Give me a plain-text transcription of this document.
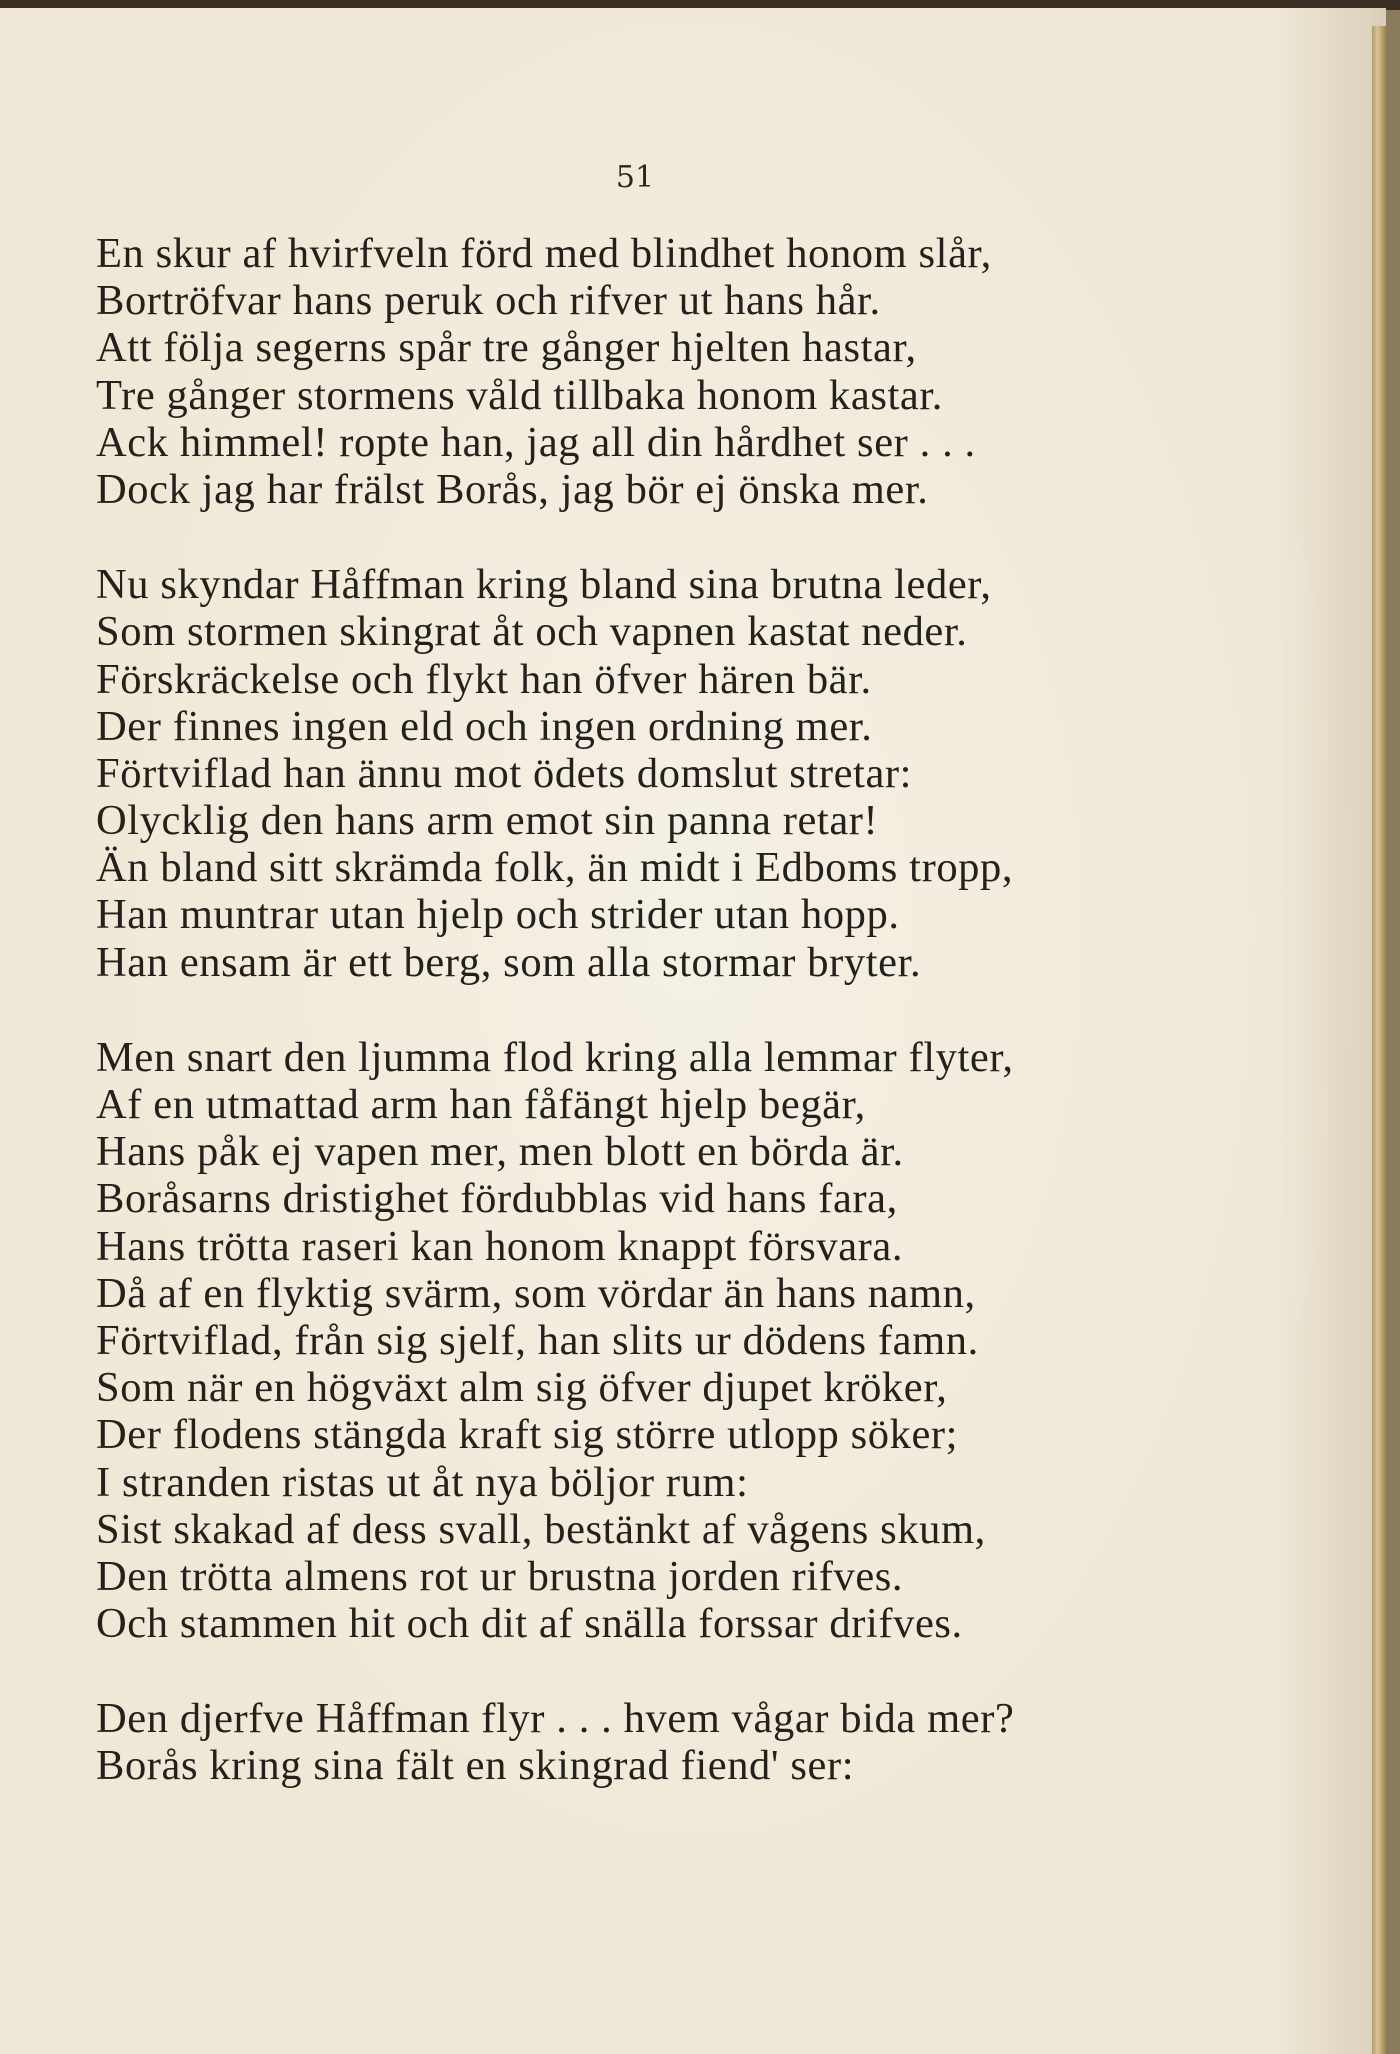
51
En skur af hvirfveln förd med blindhet honom slår,
Bortröfvar hans peruk och rifver ut hans hår.
Att följa segerns spår tre gånger hjelten hastar,
Tre gånger stormens våld tillbaka honom kastar.
Ack himmel! ropte han, jag all din hårdhet ser . . .
Dock jag har frälst Borås, jag bör ej önska mer.
Nu skyndar Håffman kring bland sina brutna leder,
Som stormen skingrat åt och vapnen kastat neder.
Förskräckelse och flykt han öfver hären bär.
Der finnes ingen eld och ingen ordning mer.
Förtviflad han ännu mot ödets domslut stretar:
Olycklig den hans arm emot sin panna retar!
Än bland sitt skrämda folk, än midt i Edboms tropp,
Han muntrar utan hjelp och strider utan hopp.
Han ensam är ett berg, som alla stormar bryter.
Men snart den ljumma flod kring alla lemmar flyter,
Af en utmattad arm han fåfängt hjelp begär,
Hans påk ej vapen mer, men blott en börda är.
Boråsarns dristighet fördubblas vid hans fara,
Hans trötta raseri kan honom knappt försvara.
Då af en flyktig svärm, som vördar än hans namn,
Förtviflad, från sig sjelf, han slits ur dödens famn.
Som när en högväxt alm sig öfver djupet kröker,
Der flodens stängda kraft sig större utlopp söker;
I stranden ristas ut åt nya böljor rum:
Sist skakad af dess svall, bestänkt af vågens skum,
Den trötta almens rot ur brustna jorden rifves.
Och stammen hit och dit af snälla forssar drifves.
Den djerfve Håffman flyr . . . hvem vågar bida mer?
Borås kring sina fält en skingrad fiend' ser:
